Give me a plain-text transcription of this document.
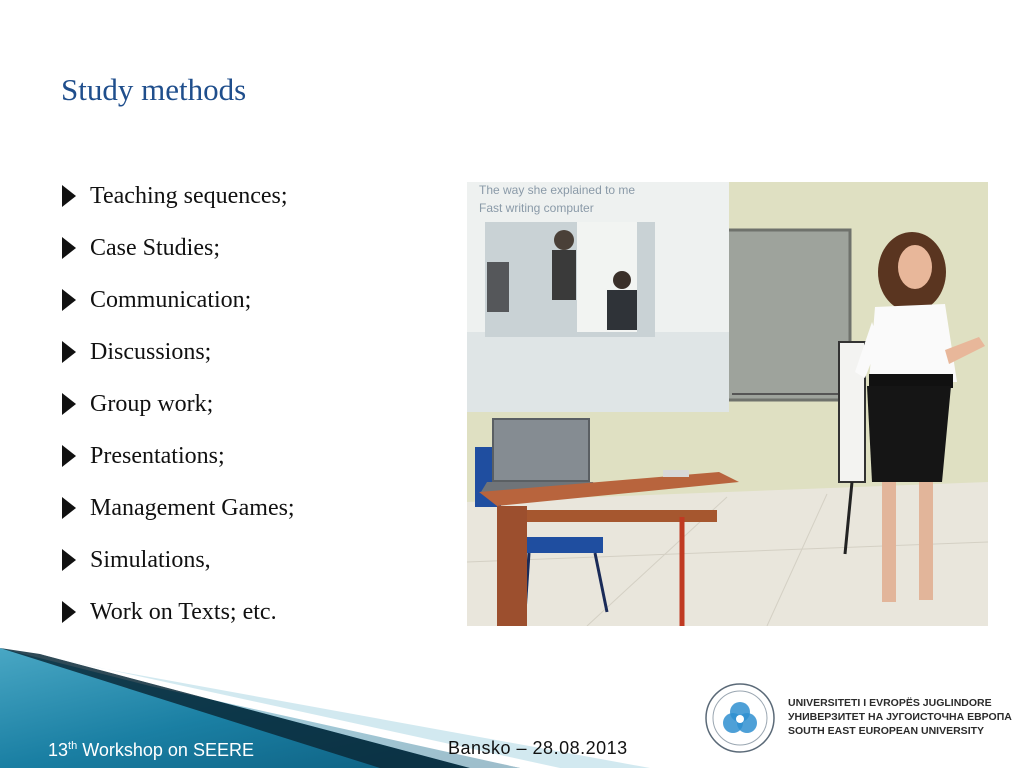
Study methods
Teaching sequences;
Case Studies;
Communication;
Discussions;
Group work;
Presentations;
Management Games;
Simulations,
Work on Texts; etc.
The way she explained to me
Fast writing computer
13th Workshop on SEERE	Bansko – 28.08.2013
UNIVERSITETI I EVROPËS JUGLINDORE
УНИВЕРЗИТЕТ НА ЈУГОИСТОЧНА ЕВРОПА
SOUTH EAST EUROPEAN UNIVERSITY
